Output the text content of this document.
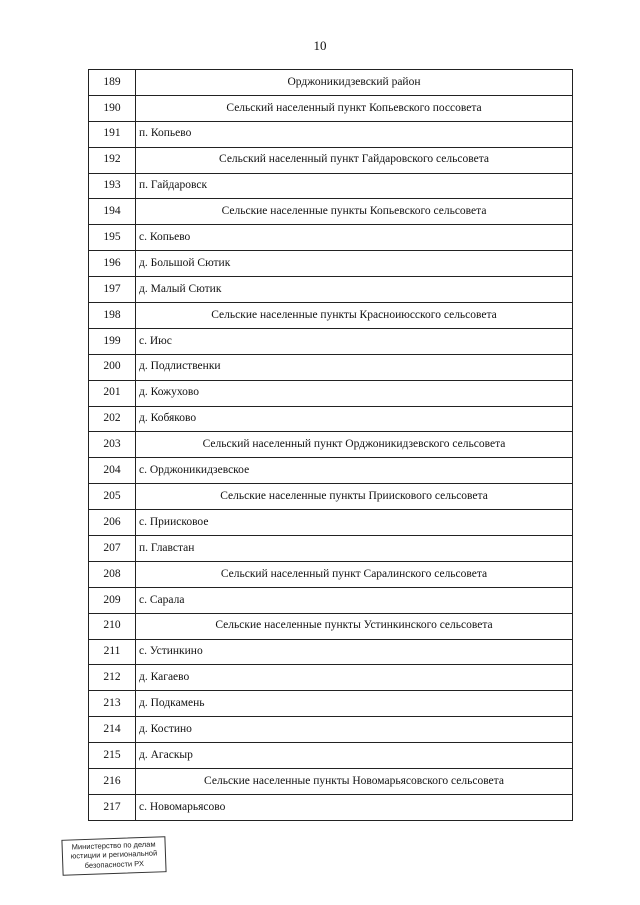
10
189	Орджоникидзевский район
190	Сельский населенный пункт Копьевского поссовета
191	п. Копьево
192	Сельский населенный пункт Гайдаровского сельсовета
193	п. Гайдаровск
194	Сельские населенные пункты Копьевского сельсовета
195	с. Копьево
196	д. Большой Сютик
197	д. Малый Сютик
198	Сельские населенные пункты Красноиюсского сельсовета
199	с. Июс
200	д. Подлиственки
201	д. Кожухово
202	д. Кобяково
203	Сельский населенный пункт Орджоникидзевского сельсовета
204	с. Орджоникидзевское
205	Сельские населенные пункты Приискового сельсовета
206	с. Приисковое
207	п. Главстан
208	Сельский населенный пункт Саралинского сельсовета
209	с. Сарала
210	Сельские населенные пункты Устинкинского сельсовета
211	с. Устинкино
212	д. Кагаево
213	д. Подкамень
214	д. Костино
215	д. Агаскыр
216	Сельские населенные пункты Новомарьясовского сельсовета
217	с. Новомарьясово
Министерство по делам
юстиции и региональной
безопасности РХ
